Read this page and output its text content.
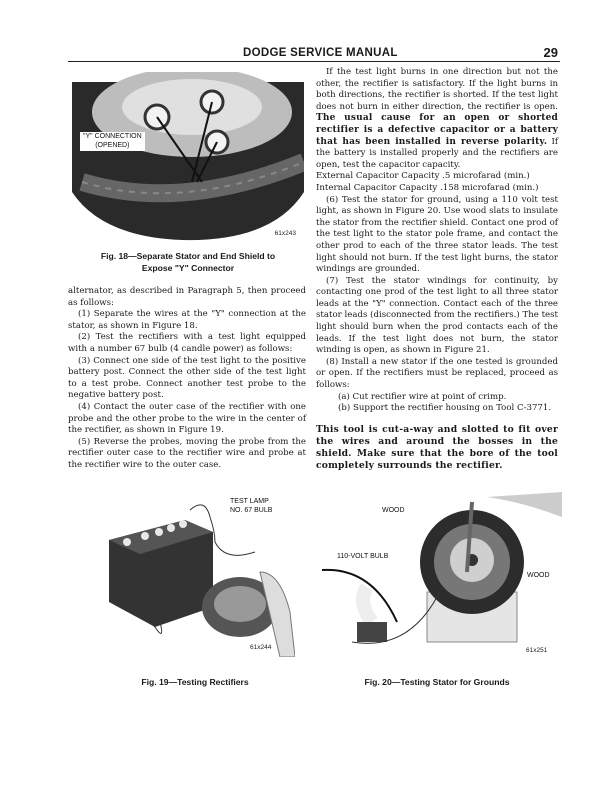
DODGE SERVICE MANUAL	29
"Y" CONNECTION
(OPENED)
61x243
Fig. 18—Separate Stator and End Shield to
Expose "Y" Connector

alternator, as described in Paragraph 5, then proceed as follows:

(1) Separate the wires at the "Y" connection at the stator, as shown in Figure 18.

(2) Test the rectifiers with a test light equipped with a number 67 bulb (4 candle power) as follows:

(3) Connect one side of the test light to the positive battery post. Connect the other side of the test light to a test probe. Connect another test probe to the negative battery post.

(4) Contact the outer case of the rectifier with one probe and the other probe to the wire in the center of the rectifier, as shown in Figure 19.

(5) Reverse the probes, moving the probe from the rectifier outer case to the rectifier wire and probe at the rectifier wire to the outer case.

If the test light burns in one direction but not the other, the rectifier is satisfactory. If the light burns in both directions, the rectifier is shorted. If the test light does not burn in either direction, the rectifier is open. The usual cause for an open or shorted rectifier is a defective capacitor or a battery that has been installed in reverse polarity. If the battery is installed properly and the rectifiers are open, test the capacitor capacity.

External Capacitor Capacity .5 microfarad (min.)

Internal Capacitor Capacity .158 microfarad (min.)

(6) Test the stator for ground, using a 110 volt test light, as shown in Figure 20. Use wood slats to insulate the stator from the rectifier shield. Contact one prod of the test light to the stator pole frame, and contact the other prod to each of the three stator leads. The test light should not burn. If the test light burns, the stator windings are grounded.

(7) Test the stator windings for continuity, by contacting one prod of the test light to all three stator leads at the "Y" connection. Contact each of the three stator leads (disconnected from the rectifiers.) The test light should burn when the prod contacts each of the leads. If the test light does not burn, the stator winding is open, as shown in Figure 21.

(8) Install a new stator if the one tested is grounded or open. If the rectifiers must be replaced, proceed as follows:

(a) Cut rectifier wire at point of crimp.

(b) Support the rectifier housing on Tool C-3771.

This tool is cut-a-way and slotted to fit over the wires and around the bosses in the shield. Make sure that the bore of the tool completely surrounds the rectifier.

TEST LAMP
NO. 67 BULB
61x244
Fig. 19—Testing Rectifiers
WOOD
110-VOLT BULB
WOOD
61x251
Fig. 20—Testing Stator for Grounds
